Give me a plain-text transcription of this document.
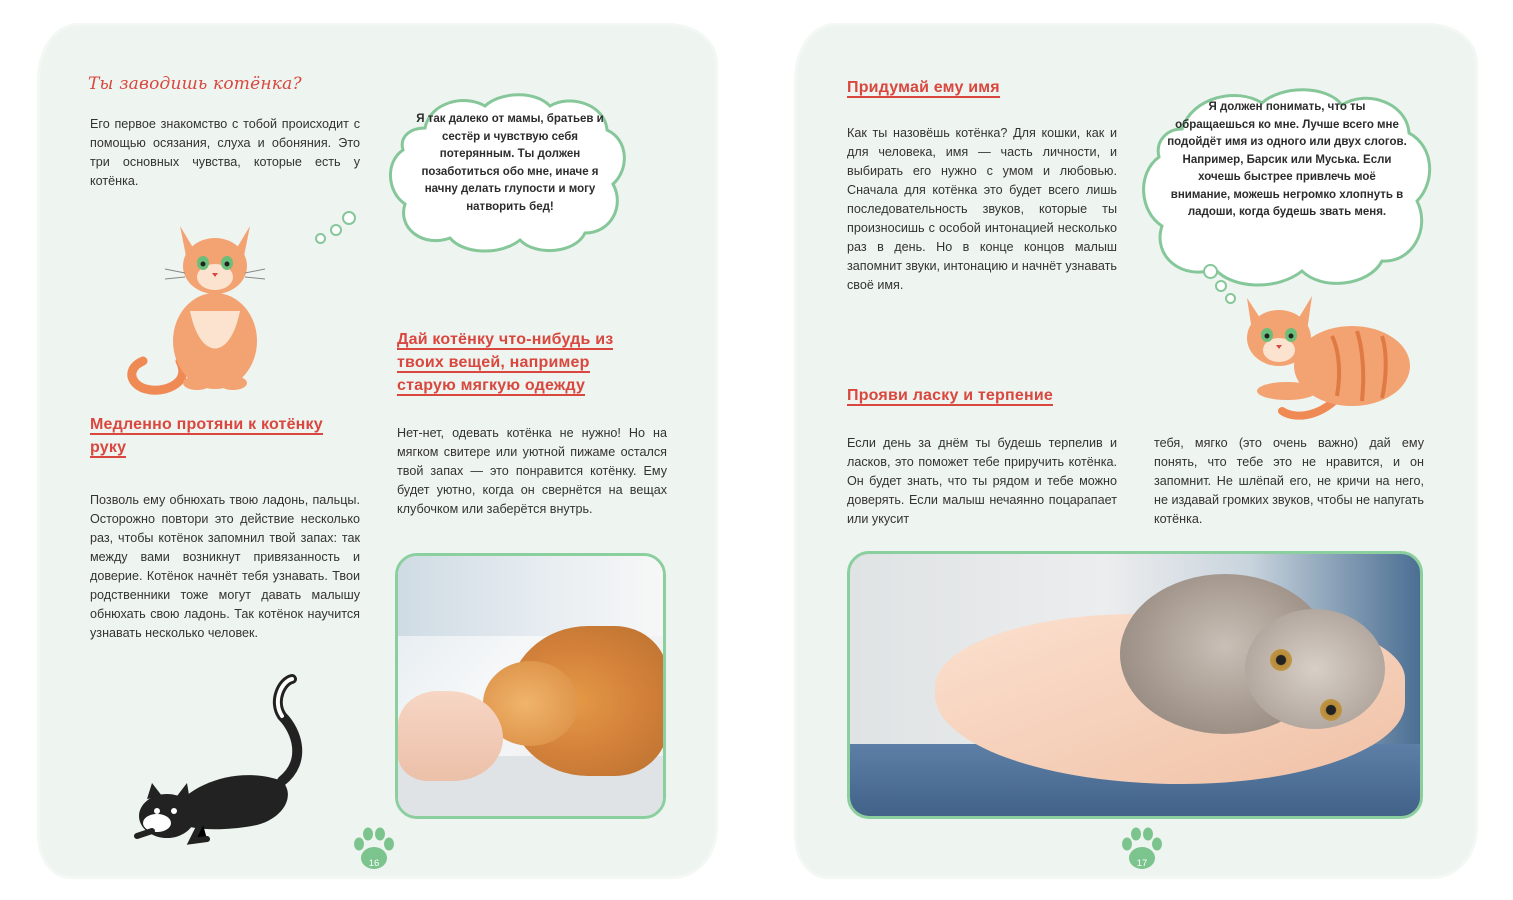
Ты заводишь котёнка?
Его первое знакомство с тобой происходит с помощью осязания, слуха и обоняния. Это три основных чувства, которые есть у котёнка.
Я так далеко от мамы, братьев и сестёр и чувствую себя потерянным. Ты должен позаботиться обо мне, иначе я начну делать глупости и могу натворить бед!
Медленно протяни к котёнку руку
Позволь ему обнюхать твою ладонь, пальцы. Осторожно повтори это действие несколько раз, чтобы котёнок запомнил твой запах: так между вами возникнут привязанность и доверие. Котёнок начнёт тебя узнавать. Твои родственники тоже могут давать малышу обнюхать свою ладонь. Так котёнок научится узнавать несколько человек.
Дай котёнку что-нибудь из твоих вещей, например старую мягкую одежду
Нет-нет, одевать котёнка не нужно! Но на мягком свитере или уютной пижаме остался твой запах — это понравится котёнку. Ему будет уютно, когда он свернётся на вещах клубочком или заберётся внутрь.
16
Придумай ему имя
Как ты назовёшь котёнка? Для кошки, как и для человека, имя — часть личности, и выбирать его нужно с умом и любовью. Сначала для котёнка это будет всего лишь последовательность звуков, которые ты произносишь с особой интонацией несколько раз в день. Но в конце концов малыш запомнит звуки, интонацию и начнёт узнавать своё имя.
Я должен понимать, что ты обращаешься ко мне. Лучше всего мне подойдёт имя из одного или двух слогов. Например, Барсик или Муська. Если хочешь быстрее привлечь моё внимание, можешь негромко хлопнуть в ладоши, когда будешь звать меня.
Прояви ласку и терпение
Если день за днём ты будешь терпелив и ласков, это поможет тебе приручить котёнка. Он будет знать, что ты рядом и тебе можно доверять. Если малыш нечаянно поцарапает или укусит
тебя, мягко (это очень важно) дай ему понять, что тебе это не нравится, и он запомнит. Не шлёпай его, не кричи на него, не издавай громких звуков, чтобы не напугать котёнка.
17
